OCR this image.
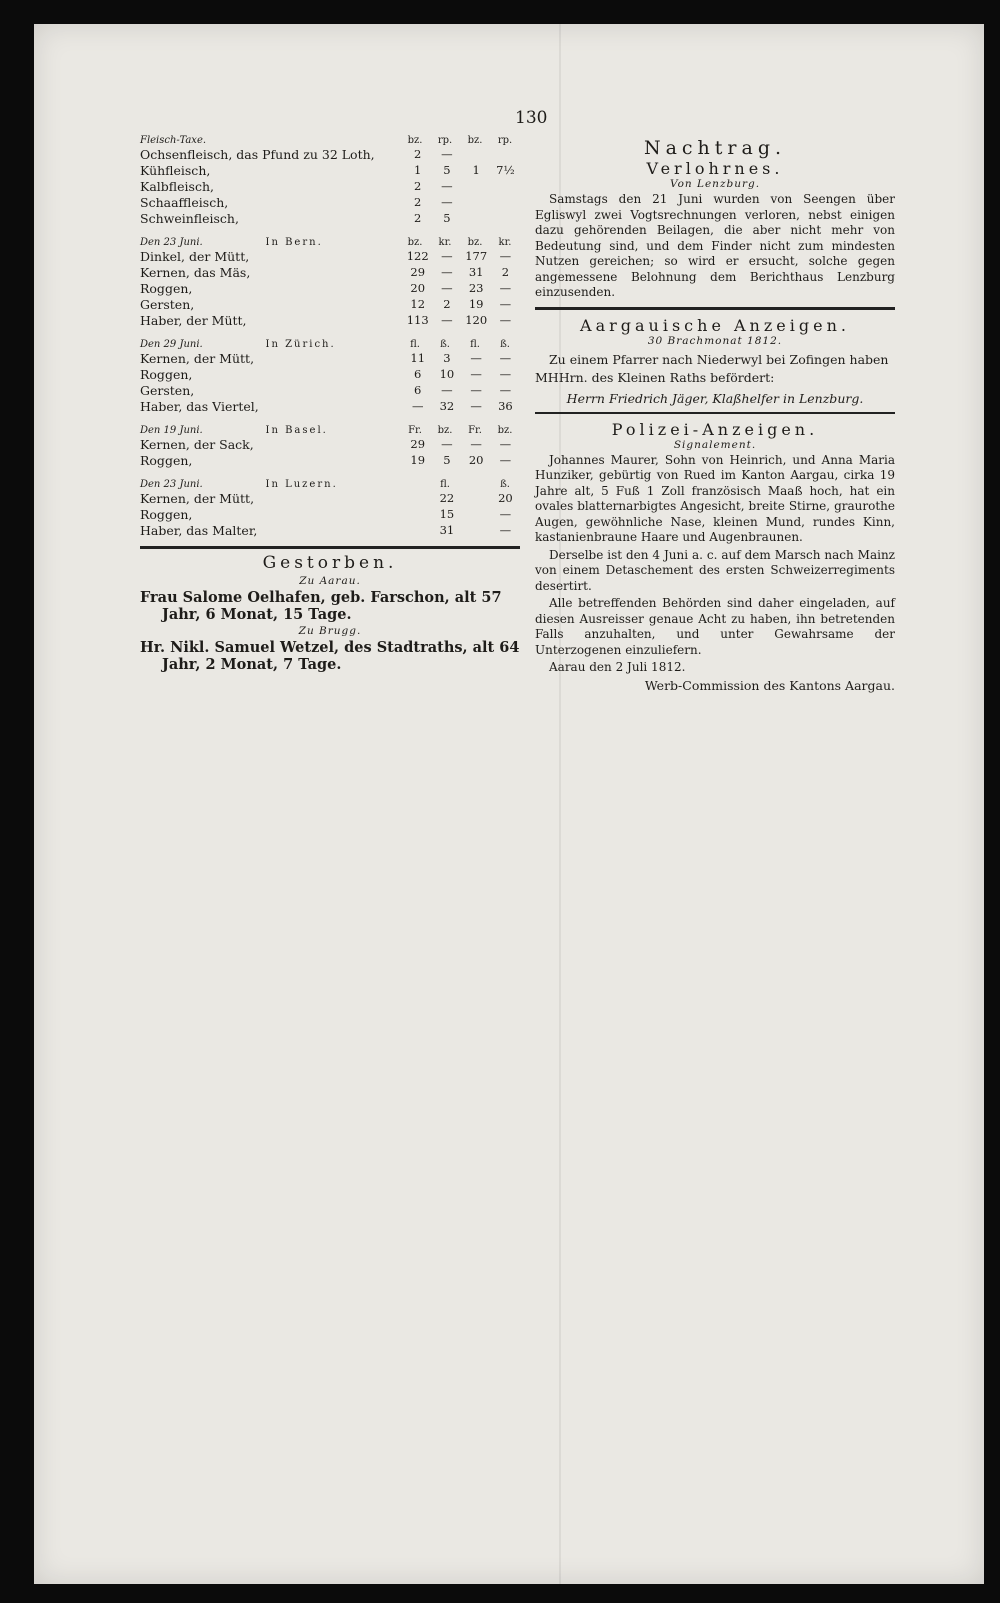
130
Fleisch-Taxe.	bz.	rp.	bz.	rp.
Ochsenfleisch, das Pfund zu 32 Loth,	2	—
Kühfleisch,	1	5	1	7½
Kalbfleisch,	2	—
Schaaffleisch,	2	—
Schweinfleisch,	2	5
Den 23 Juni.	In Bern.	bz.	kr.	bz.	kr.
Dinkel, der Mütt,	122	—	177	—
Kernen, das Mäs,	29	—	31	2
Roggen,	20	—	23	—
Gersten,	12	2	19	—
Haber, der Mütt,	113	—	120	—
Den 29 Juni.	In Zürich.	fl.	ß.	fl.	ß.
Kernen, der Mütt,	11	3	—	—
Roggen,	6	10	—	—
Gersten,	6	—	—	—
Haber, das Viertel,	—	32	—	36
Den 19 Juni.	In Basel.	Fr.	bz.	Fr.	bz.
Kernen, der Sack,	29	—	—	—
Roggen,	19	5	20	—
Den 23 Juni.	In Luzern.	fl.	ß.
Kernen, der Mütt,	22	20
Roggen,	15	—
Haber, das Malter,	31	—
Gestorben.
Zu Aarau.
Frau Salome Oelhafen, geb. Farschon, alt 57 Jahr, 6 Monat, 15 Tage.
Zu Brugg.
Hr. Nikl. Samuel Wetzel, des Stadtraths, alt 64 Jahr, 2 Monat, 7 Tage.
Nachtrag.
Verlohrnes.
Von Lenzburg.
Samstags den 21 Juni wurden von Seengen über Egliswyl zwei Vogtsrechnungen verloren, nebst einigen dazu gehörenden Beilagen, die aber nicht mehr von Bedeutung sind, und dem Finder nicht zum mindesten Nutzen gereichen; so wird er ersucht, solche gegen angemessene Belohnung dem Berichthaus Lenzburg einzusenden.
Aargauische Anzeigen.
30 Brachmonat 1812.
Zu einem Pfarrer nach Niederwyl bei Zofingen haben MHHrn. des Kleinen Raths befördert:
Herrn Friedrich Jäger, Klaßhelfer in Lenzburg.
Polizei-Anzeigen.
Signalement.
Johannes Maurer, Sohn von Heinrich, und Anna Maria Hunziker, gebürtig von Rued im Kanton Aargau, cirka 19 Jahre alt, 5 Fuß 1 Zoll französisch Maaß hoch, hat ein ovales blatternarbigtes Angesicht, breite Stirne, graurothe Augen, gewöhnliche Nase, kleinen Mund, rundes Kinn, kastanienbraune Haare und Augenbraunen.
Derselbe ist den 4 Juni a. c. auf dem Marsch nach Mainz von einem Detaschement des ersten Schweizerregiments desertirt.
Alle betreffenden Behörden sind daher eingeladen, auf diesen Ausreisser genaue Acht zu haben, ihn betretenden Falls anzuhalten, und unter Gewahrsame der Unterzogenen einzuliefern.
Aarau den 2 Juli 1812.
Werb-Commission des Kantons Aargau.
